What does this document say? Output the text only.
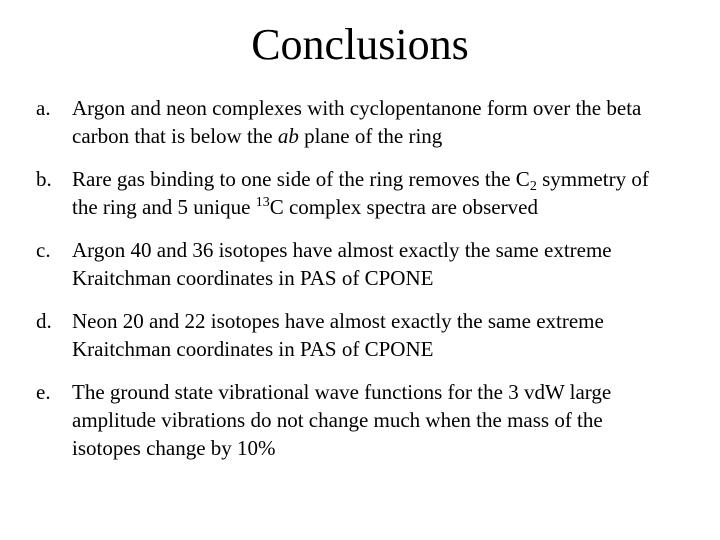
Conclusions
a.	Argon and neon complexes with cyclopentanone form over the beta carbon that is below the ab plane of the ring
b. Rare gas binding to one side of the ring removes the $C_2$ symmetry of the ring and 5 unique $^{13}$C complex spectra are observed
c.	Argon 40 and 36 isotopes have almost exactly the same extreme Kraitchman coordinates in PAS of CPONE
d. Neon 20 and 22 isotopes have almost exactly the same extreme Kraitchman coordinates in PAS of CPONE
e.	The ground state vibrational wave functions for the 3 vdW large amplitude vibrations do not change much when the mass of the isotopes change by 10%
